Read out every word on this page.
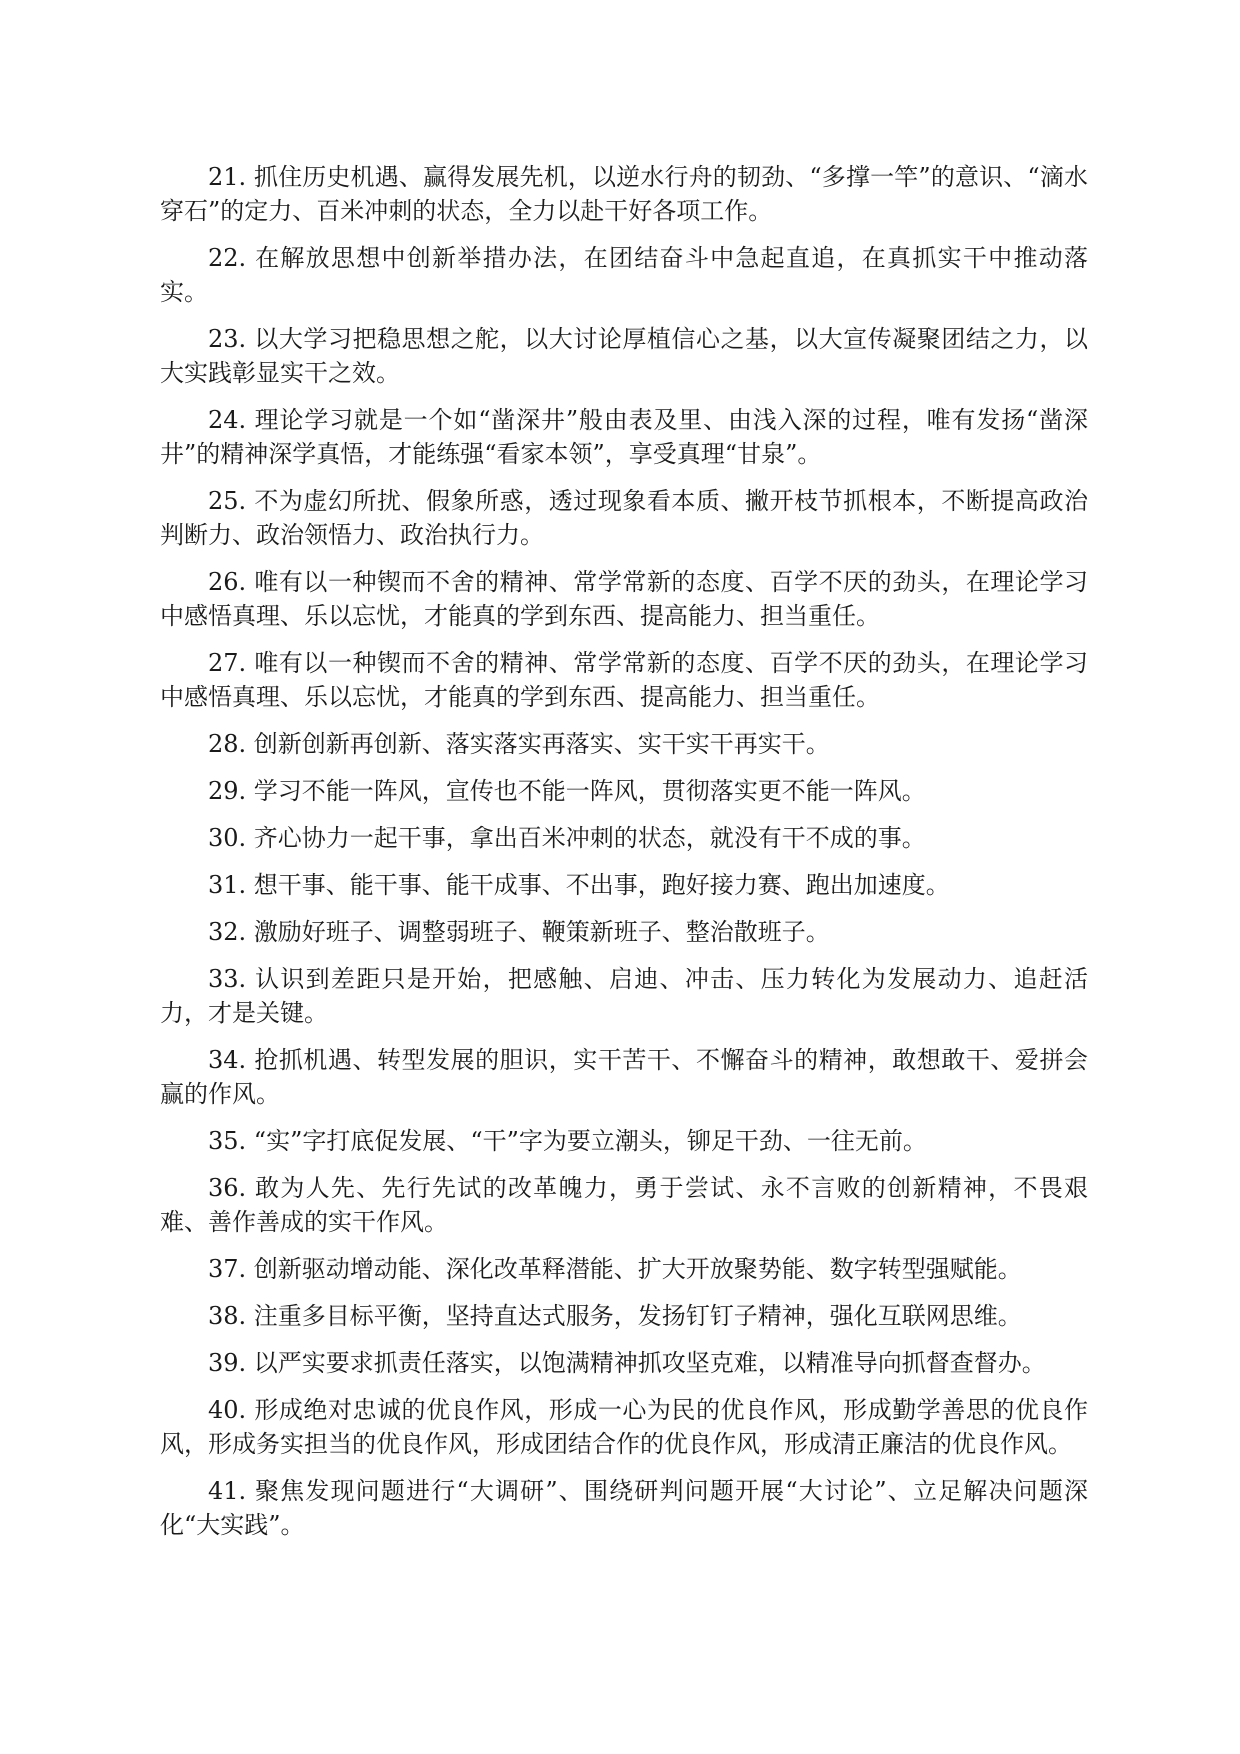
21. 抓住历史机遇、赢得发展先机，以逆水行舟的韧劲、“多撑一竿”的意识、“滴水穿石”的定力、百米冲刺的状态，全力以赴干好各项工作。

22. 在解放思想中创新举措办法，在团结奋斗中急起直追，在真抓实干中推动落实。

23. 以大学习把稳思想之舵，以大讨论厚植信心之基，以大宣传凝聚团结之力，以大实践彰显实干之效。

24. 理论学习就是一个如“凿深井”般由表及里、由浅入深的过程，唯有发扬“凿深井”的精神深学真悟，才能练强“看家本领”，享受真理“甘泉”。

25. 不为虚幻所扰、假象所惑，透过现象看本质、撇开枝节抓根本，不断提高政治判断力、政治领悟力、政治执行力。

26. 唯有以一种锲而不舍的精神、常学常新的态度、百学不厌的劲头，在理论学习中感悟真理、乐以忘忧，才能真的学到东西、提高能力、担当重任。

27. 唯有以一种锲而不舍的精神、常学常新的态度、百学不厌的劲头，在理论学习中感悟真理、乐以忘忧，才能真的学到东西、提高能力、担当重任。

28. 创新创新再创新、落实落实再落实、实干实干再实干。

29. 学习不能一阵风，宣传也不能一阵风，贯彻落实更不能一阵风。

30. 齐心协力一起干事，拿出百米冲刺的状态，就没有干不成的事。

31. 想干事、能干事、能干成事、不出事，跑好接力赛、跑出加速度。

32. 激励好班子、调整弱班子、鞭策新班子、整治散班子。

33. 认识到差距只是开始，把感触、启迪、冲击、压力转化为发展动力、追赶活力，才是关键。

34. 抢抓机遇、转型发展的胆识，实干苦干、不懈奋斗的精神，敢想敢干、爱拼会赢的作风。

35. “实”字打底促发展、“干”字为要立潮头，铆足干劲、一往无前。

36. 敢为人先、先行先试的改革魄力，勇于尝试、永不言败的创新精神，不畏艰难、善作善成的实干作风。

37. 创新驱动增动能、深化改革释潜能、扩大开放聚势能、数字转型强赋能。

38. 注重多目标平衡，坚持直达式服务，发扬钉钉子精神，强化互联网思维。

39. 以严实要求抓责任落实，以饱满精神抓攻坚克难，以精准导向抓督查督办。

40. 形成绝对忠诚的优良作风，形成一心为民的优良作风，形成勤学善思的优良作风，形成务实担当的优良作风，形成团结合作的优良作风，形成清正廉洁的优良作风。

41. 聚焦发现问题进行“大调研”、围绕研判问题开展“大讨论”、立足解决问题深化“大实践”。
